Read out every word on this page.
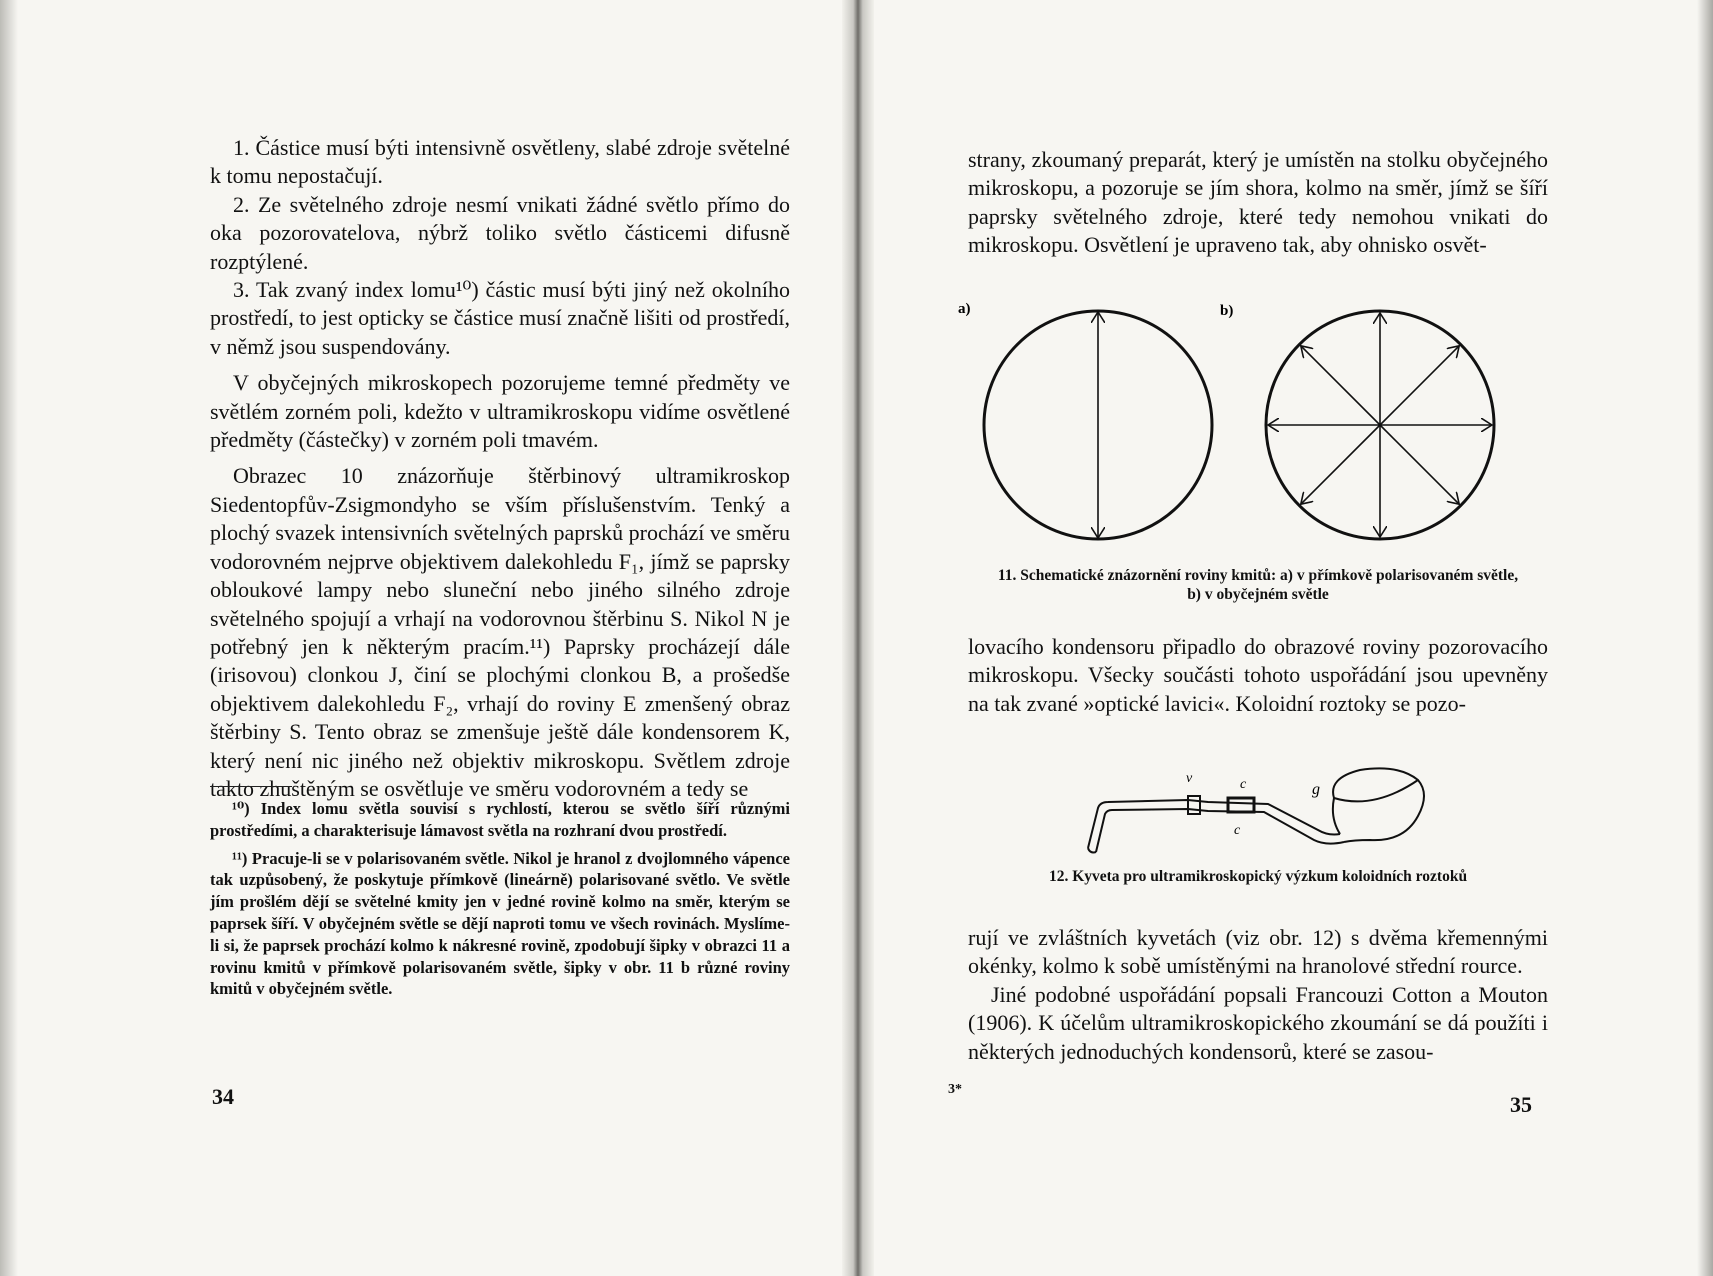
1. Částice musí býti intensivně osvětleny, slabé zdroje světelné k tomu nepostačují.

2. Ze světelného zdroje nesmí vnikati žádné světlo přímo do oka pozorovatelova, nýbrž toliko světlo částicemi difusně rozptýlené.

3. Tak zvaný index lomu¹⁰) částic musí býti jiný než okolního prostředí, to jest opticky se částice musí značně lišiti od prostředí, v němž jsou suspendovány.

V obyčejných mikroskopech pozorujeme temné předměty ve světlém zorném poli, kdežto v ultramikroskopu vidíme osvětlené předměty (částečky) v zorném poli tmavém.

Obrazec 10 znázorňuje štěrbinový ultramikroskop Siedentopfův-Zsigmondyho se vším příslušenstvím. Tenký a plochý svazek intensivních světelných paprsků prochází ve směru vodorovném nejprve objektivem dalekohledu F₁, jímž se paprsky obloukové lampy nebo sluneční nebo jiného silného zdroje světelného spojují a vrhají na vodorovnou štěrbinu S. Nikol N je potřebný jen k některým pracím.¹¹) Paprsky procházejí dále (irisovou) clonkou J, činí se plochými clonkou B, a prošedše objektivem dalekohledu F₂, vrhají do roviny E zmenšený obraz štěrbiny S. Tento obraz se zmenšuje ještě dále kondensorem K, který není nic jiného než objektiv mikroskopu. Světlem zdroje takto zhuštěným se osvětluje ve směru vodorovném a tedy se

¹⁰) Index lomu světla souvisí s rychlostí, kterou se světlo šíří různými prostředími, a charakterisuje lámavost světla na rozhraní dvou prostředí.

¹¹) Pracuje-li se v polarisovaném světle. Nikol je hranol z dvojlomného vápence tak uzpůsobený, že poskytuje přímkově (lineárně) polarisované světlo. Ve světle jím prošlém dějí se světelné kmity jen v jedné rovině kolmo na směr, kterým se paprsek šíří. V obyčejném světle se dějí naproti tomu ve všech rovinách. Myslíme-li si, že paprsek prochází kolmo k nákresné rovině, zpodobují šipky v obrazci 11 a rovinu kmitů v přímkově polarisovaném světle, šipky v obr. 11 b různé roviny kmitů v obyčejném světle.

34

strany, zkoumaný preparát, který je umístěn na stolku obyčejného mikroskopu, a pozoruje se jím shora, kolmo na směr, jímž se šíří paprsky světelného zdroje, které tedy nemohou vnikati do mikroskopu. Osvětlení je upraveno tak, aby ohnisko osvět-

a)	b)
11. Schematické znázornění roviny kmitů: a) v přímkově polarisovaném světle,
b) v obyčejném světle

lovacího kondensoru připadlo do obrazové roviny pozorovacího mikroskopu. Všecky součásti tohoto uspořádání jsou upevněny na tak zvané »optické lavici«. Koloidní roztoky se pozo-

v	c
c
g
12. Kyveta pro ultramikroskopický výzkum koloidních roztoků

rují ve zvláštních kyvetách (viz obr. 12) s dvěma křemennými okénky, kolmo k sobě umístěnými na hranolové střední rource.

Jiné podobné uspořádání popsali Francouzi Cotton a Mouton (1906). K účelům ultramikroskopického zkoumání se dá použíti i některých jednoduchých kondensorů, které se zasou-

3*
35
